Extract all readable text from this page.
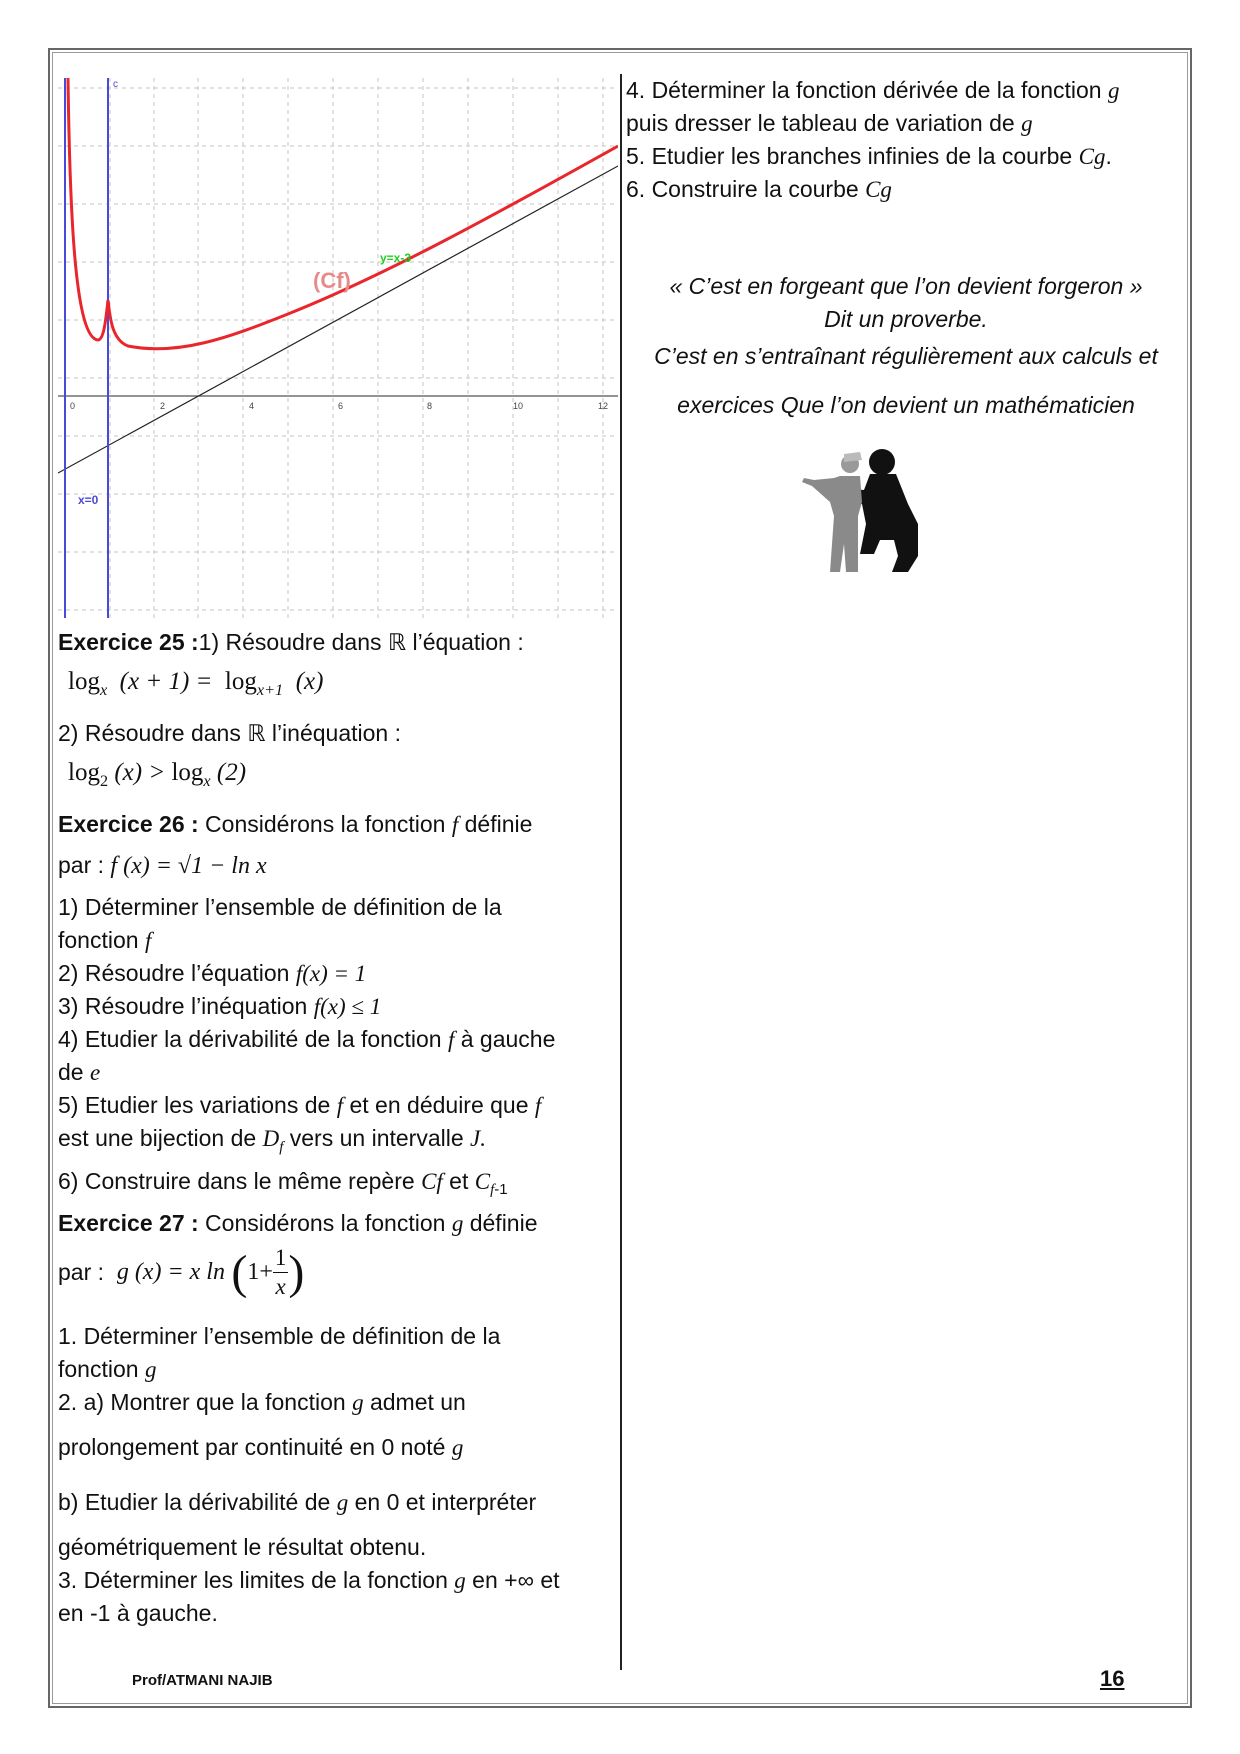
0	2	4	6	8	10	12
c
(Cf)
y=x-3
x=0
Exercice 25 :1) Résoudre dans ℝ l’équation :
$\log_x (x + 1) = \log_{x+1} (x)$
2) Résoudre dans ℝ l’inéquation :
$\log_2 (x) > \log_x (2)$
Exercice 26 : Considérons la fonction f définie
par : f (x) = √1 − ln x
1) Déterminer l’ensemble de définition de la
fonction f
2) Résoudre l’équation f(x) = 1
3) Résoudre l’inéquation f(x) ≤ 1
4) Etudier la dérivabilité de la fonction f à gauche
de e
5) Etudier les variations de f et en déduire que f
est une bijection de $D_f$ vers un intervalle J.
6) Construire dans le même repère Cf et $C_{f-1}$
Exercice 27 : Considérons la fonction g définie
par : g (x) = x $\ln (1+ \frac{1}{x}$ )
1. Déterminer l’ensemble de définition de la
fonction g
2. a) Montrer que la fonction g admet un
prolongement par continuité en 0 noté g
b) Etudier la dérivabilité de g en 0 et interpréter
géométriquement le résultat obtenu.
3. Déterminer les limites de la fonction g en +∞ et
en -1 à gauche.
4. Déterminer la fonction dérivée de la fonction g
puis dresser le tableau de variation de g
5. Etudier les branches infinies de la courbe Cg.
6. Construire la courbe Cg
« C’est en forgeant que l’on devient forgeron »
Dit un proverbe.
C’est en s’entraînant régulièrement aux calculs et
exercices Que l’on devient un mathématicien
Prof/ATMANI NAJIB	16
